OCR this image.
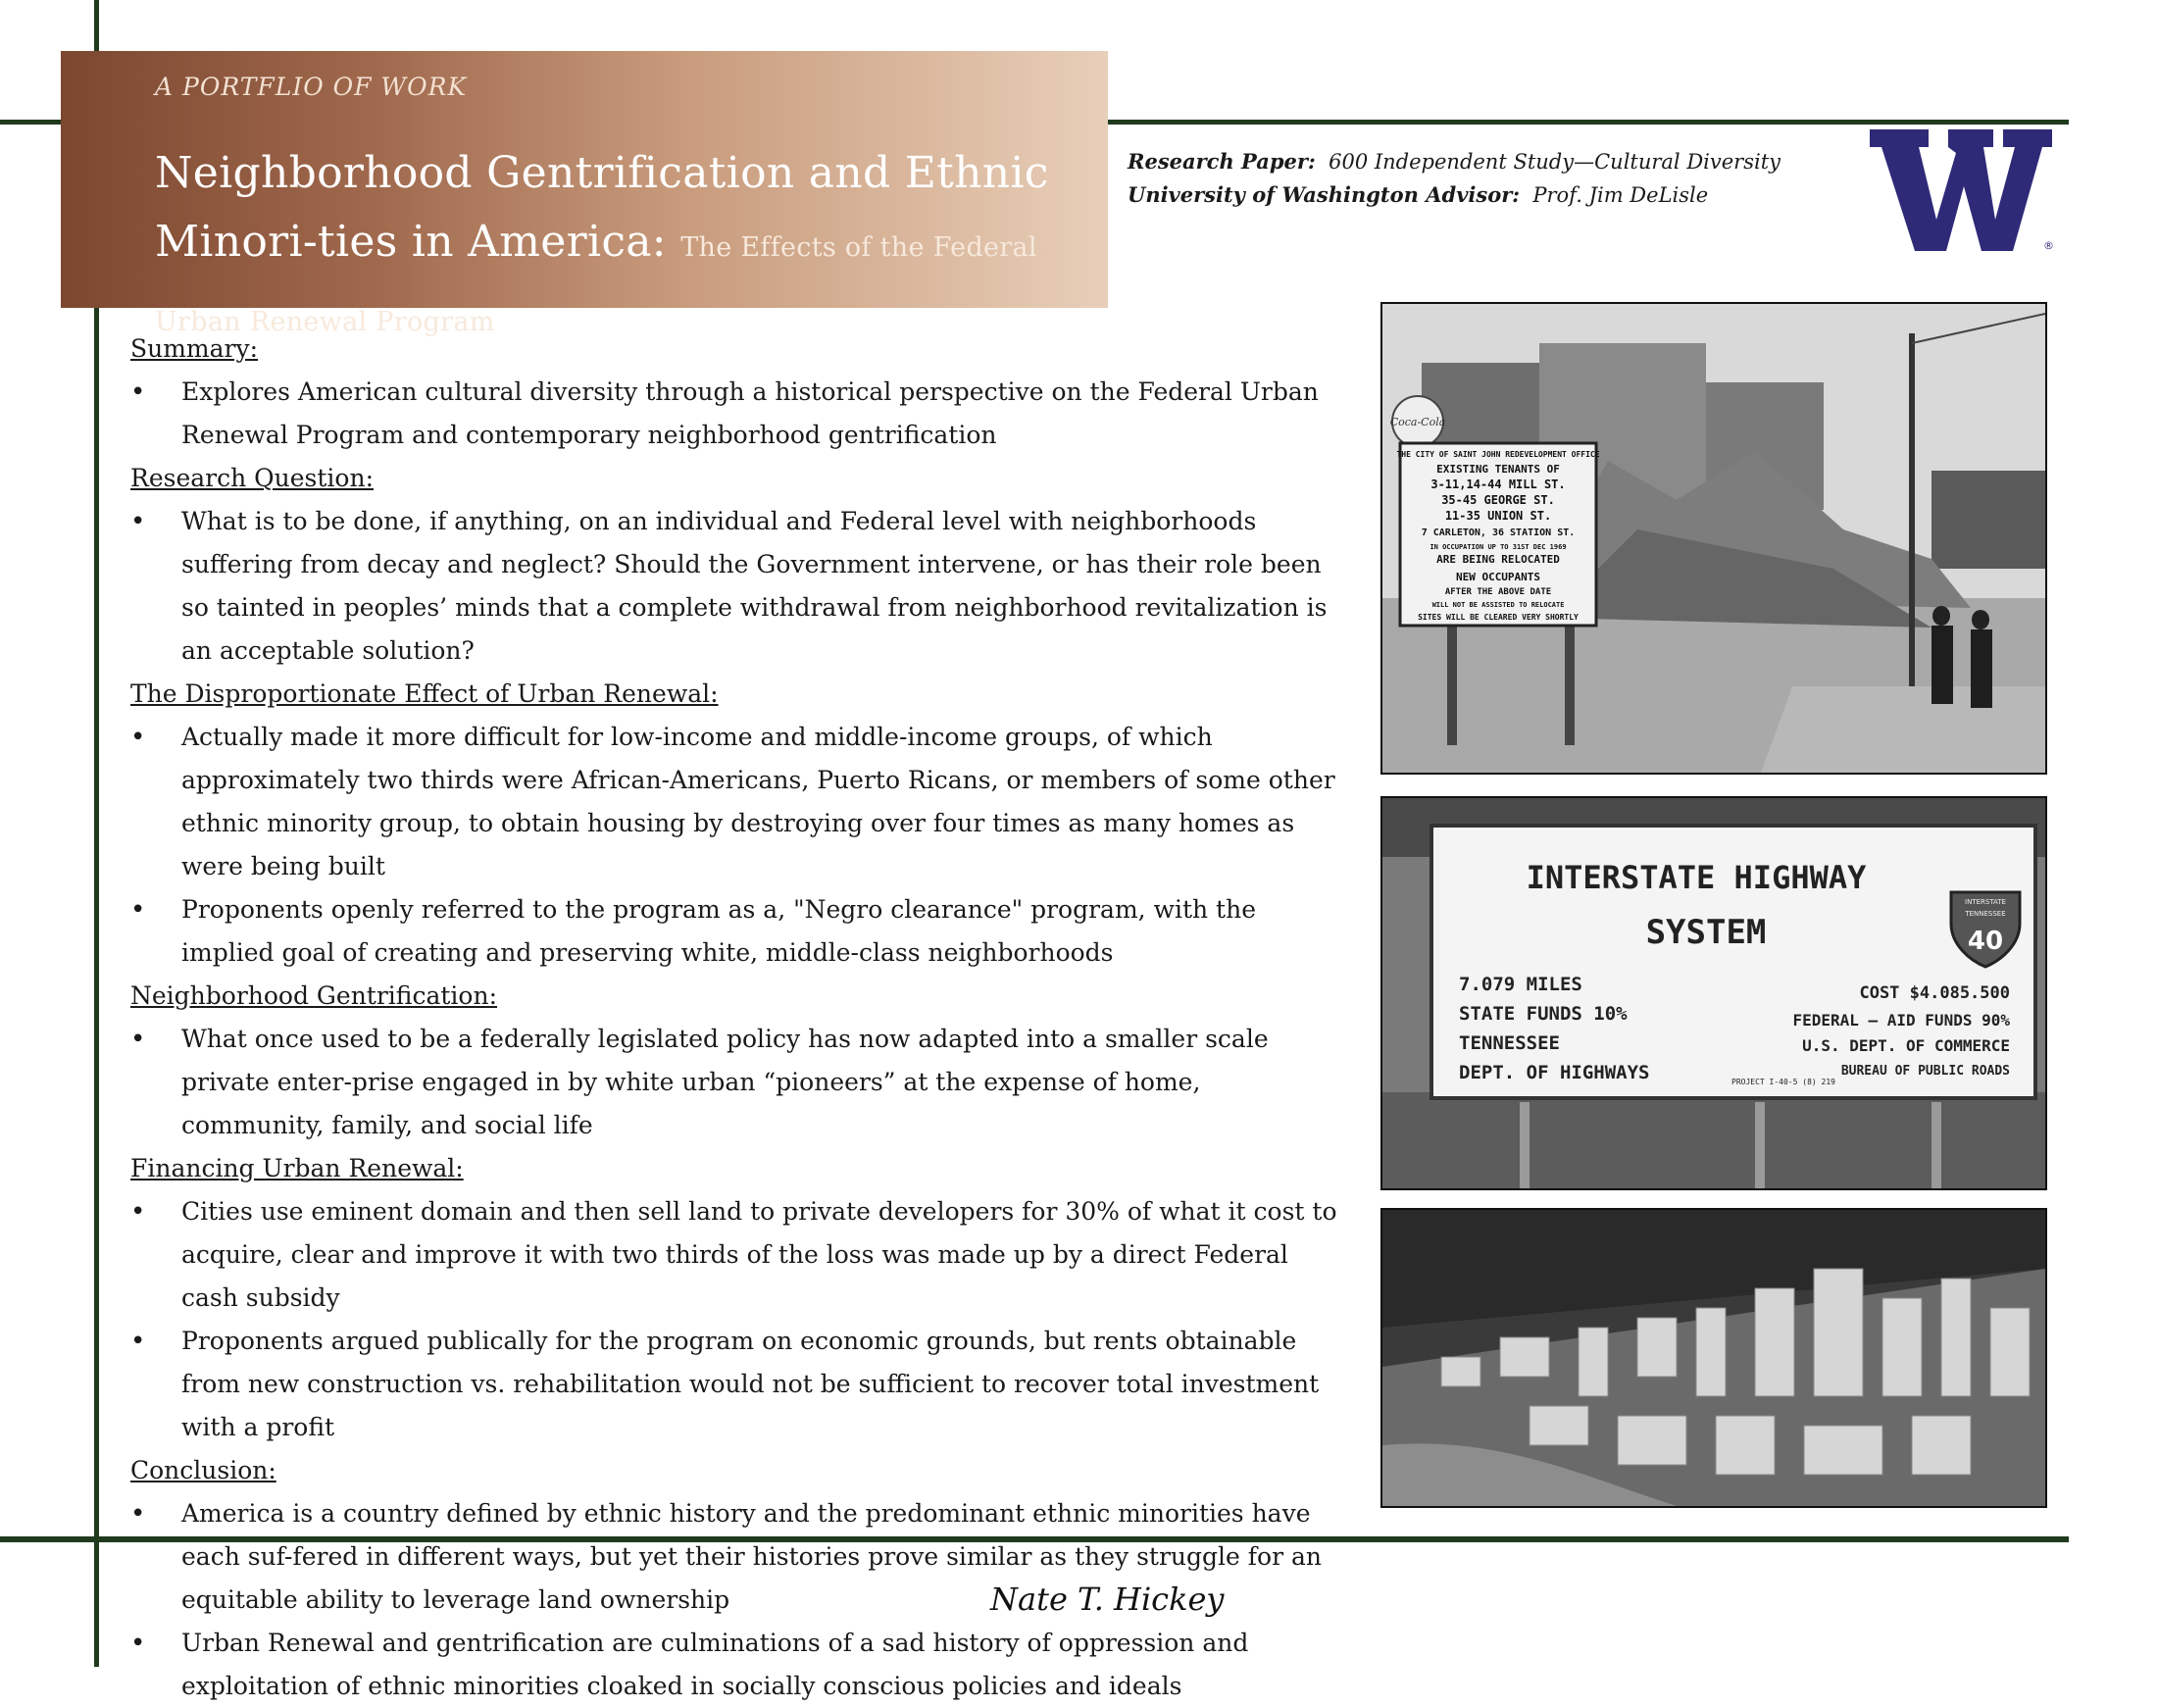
A PORTFLIO OF WORK
Neighborhood Gentrification and Ethnic Minori-ties in America: The Effects of the Federal Urban Renewal Program
Research Paper: 600 Independent Study—Cultural Diversity
University of Washington Advisor: Prof. Jim DeLisle
®

Summary:

• Explores American cultural diversity through a historical perspective on the Federal Urban Renewal Program and contemporary neighborhood gentrification

Research Question:

• What is to be done, if anything, on an individual and Federal level with neighborhoods suffering from decay and neglect? Should the Government intervene, or has their role been so tainted in peoples’ minds that a complete withdrawal from neighborhood revitalization is an acceptable solution?

The Disproportionate Effect of Urban Renewal:

• Actually made it more difficult for low-income and middle-income groups, of which approximately two thirds were African-Americans, Puerto Ricans, or members of some other ethnic minority group, to obtain housing by destroying over four times as many homes as were being built
• Proponents openly referred to the program as a, "Negro clearance" program, with the implied goal of creating and preserving white, middle-class neighborhoods

Neighborhood Gentrification:

• What once used to be a federally legislated policy has now adapted into a smaller scale private enter-prise engaged in by white urban “pioneers” at the expense of home, community, family, and social life

Financing Urban Renewal:

• Cities use eminent domain and then sell land to private developers for 30% of what it cost to acquire, clear and improve it with two thirds of the loss was made up by a direct Federal cash subsidy
• Proponents argued publically for the program on economic grounds, but rents obtainable from new construction vs. rehabilitation would not be sufficient to recover total investment with a profit

Conclusion:

• America is a country defined by ethnic history and the predominant ethnic minorities have each suf-fered in different ways, but yet their histories prove similar as they struggle for an equitable ability to leverage land ownership
• Urban Renewal and gentrification are culminations of a sad history of oppression and exploitation of ethnic minorities cloaked in socially conscious policies and ideals
Coca-Cola
THE CITY OF SAINT JOHN REDEVELOPMENT OFFICE
EXISTING TENANTS OF
3-11,14-44 MILL ST.
35-45 GEORGE ST.
11-35 UNION ST.
7 CARLETON, 36 STATION ST.
IN OCCUPATION UP TO 31ST DEC 1969
ARE BEING RELOCATED
NEW OCCUPANTS
AFTER THE ABOVE DATE
WILL NOT BE ASSISTED TO RELOCATE
SITES WILL BE CLEARED VERY SHORTLY
INTERSTATE HIGHWAY
SYSTEM
7.079 MILES
STATE FUNDS 10%
TENNESSEE
DEPT. OF HIGHWAYS
COST $4.085.500
FEDERAL – AID FUNDS 90%
U.S. DEPT. OF COMMERCE
BUREAU OF PUBLIC ROADS
PROJECT I-40-5 (8) 219
INTERSTATE
TENNESSEE
40
Nate T. Hickey
